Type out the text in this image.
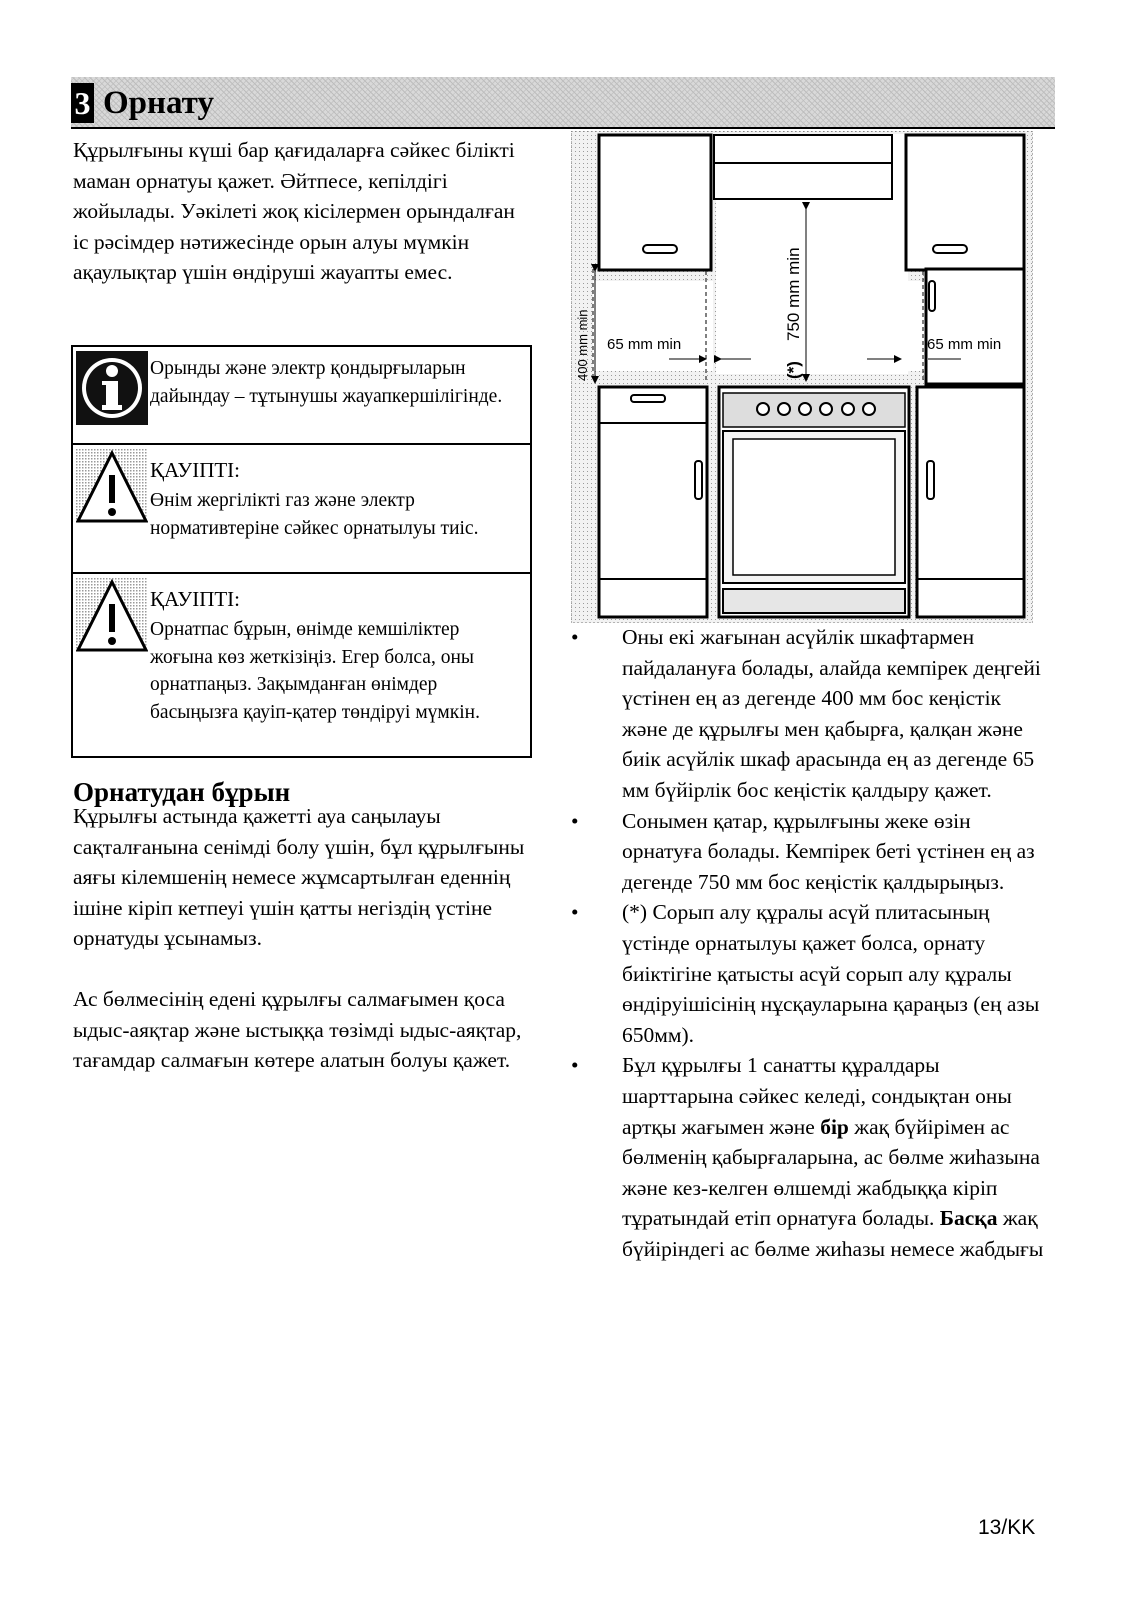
3 Орнату

Құрылғыны күші бар қағидаларға сәйкес білікті маман орнатуы қажет. Әйтпесе, кепілдігі жойылады. Уәкілеті жоқ кісілермен орындалған іс рәсімдер нәтижесінде орын алуы мүмкін ақаулықтар үшін өндіруші жауапты емес.

Орынды және электр қондырғыларын дайындау – тұтынушы жауапкершілігінде.
ҚАУІПТІ:
Өнім жергілікті газ және электр нормативтеріне сәйкес орнатылуы тиіс.
ҚАУІПТІ:
Орнатпас бұрын, өнімде кемшіліктер жоғына көз жеткізіңіз. Егер болса, оны орнатпаңыз. Зақымданған өнімдер басыңызға қауіп-қатер төндіруі мүмкін.
Орнатудан бұрын

Құрылғы астында қажетті ауа саңылауы сақталғанына сенімді болу үшін, бұл құрылғыны аяғы кілемшенің немесе жұмсартылған еденнің ішіне кіріп кетпеуі үшін қатты негіздің үстіне орнатуды ұсынамыз.

Ас бөлмесінің едені құрылғы салмағымен қоса ыдыс-аяқтар және ыстыққа төзімді ыдыс-аяқтар, тағамдар салмағын көтере алатын болуы қажет.

400 mm min 65 mm min	65 mm min
750 mm min
(*)
• Оны екі жағынан асүйлік шкафтармен пайдалануға болады, алайда кемпірек деңгейі үстінен ең аз дегенде 400 мм бос кеңістік және де құрылғы мен қабырға, қалқан және биік асүйлік шкаф арасында ең аз дегенде 65 мм бүйірлік бос кеңістік қалдыру қажет.
• Сонымен қатар, құрылғыны жеке өзін орнатуға болады. Кемпірек беті үстінен ең аз дегенде 750 мм бос кеңістік қалдырыңыз.
• (*) Сорып алу құралы асүй плитасының үстінде орнатылуы қажет болса, орнату биіктігіне қатысты асүй сорып алу құралы өндіруішісінің нұсқауларына қараңыз (ең азы 650мм).
• Бұл құрылғы 1 санатты құралдары шарттарына сәйкес келеді, сондықтан оны артқы жағымен және бір жақ бүйірімен ас бөлменің қабырғаларына, ас бөлме жиһазына және кез-келген өлшемді жабдыққа кіріп тұратындай етіп орнатуға болады. Басқа жақ бүйіріндегі ас бөлме жиһазы немесе жабдығы
13/KK
